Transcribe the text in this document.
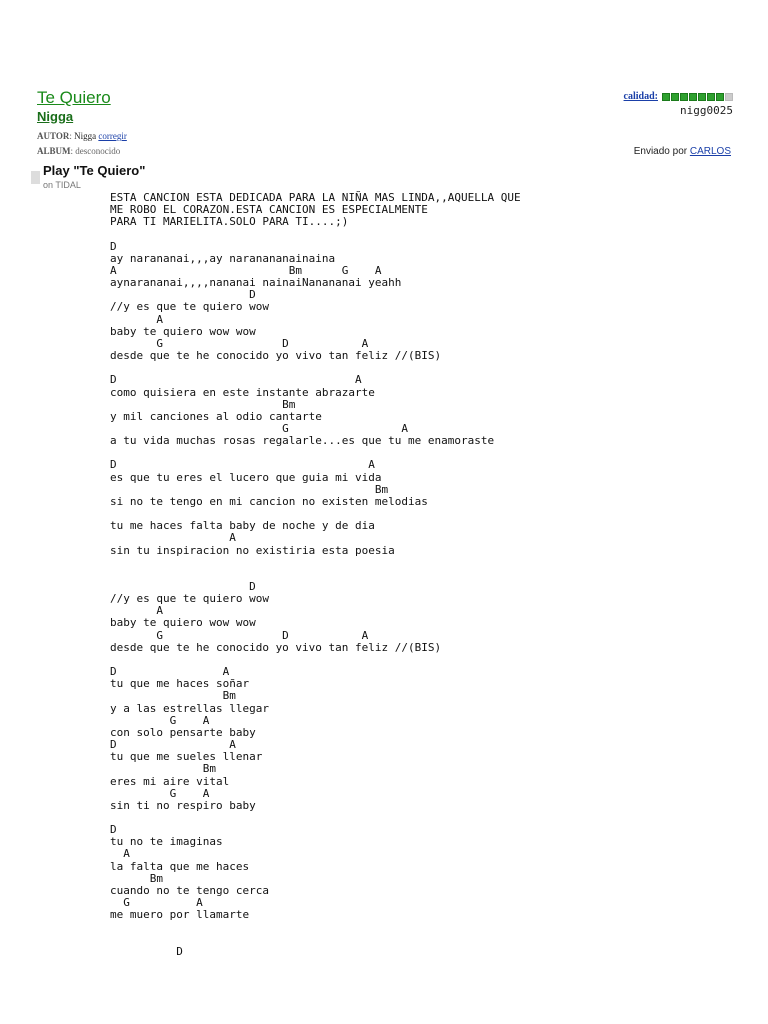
Te Quiero
Nigga
AUTOR: Nigga corregir
ALBUM: desconocido
calidad:
nigg0025
Enviado por CARLOS
Play "Te Quiero"
on TIDAL
ESTA CANCION ESTA DEDICADA PARA LA NIÑA MAS LINDA,,AQUELLA QUE
ME ROBO EL CORAZON.ESTA CANCION ES ESPECIALMENTE
PARA TI MARIELITA.SOLO PARA TI....;)

D
ay narananai,,,ay naranananainaina
A                          Bm      G    A
aynarananai,,,,nananai nainaiNanananai yeahh
D
//y es que te quiero wow
A
baby te quiero wow wow
G                  D           A
desde que te he conocido yo vivo tan feliz //(BIS)

D                                    A
como quisiera en este instante abrazarte
Bm
y mil canciones al odio cantarte
G                 A
a tu vida muchas rosas regalarle...es que tu me enamoraste

D                                      A
es que tu eres el lucero que guia mi vida
Bm
si no te tengo en mi cancion no existen melodias

tu me haces falta baby de noche y de dia
A
sin tu inspiracion no existiria esta poesia

D
//y es que te quiero wow
A
baby te quiero wow wow
G                  D           A
desde que te he conocido yo vivo tan feliz //(BIS)

D                A
tu que me haces soñar
Bm
y a las estrellas llegar
G    A
con solo pensarte baby
D                 A
tu que me sueles llenar
Bm
eres mi aire vital
G    A
sin ti no respiro baby

D
tu no te imaginas
A
la falta que me haces
Bm
cuando no te tengo cerca
G          A
me muero por llamarte

D
